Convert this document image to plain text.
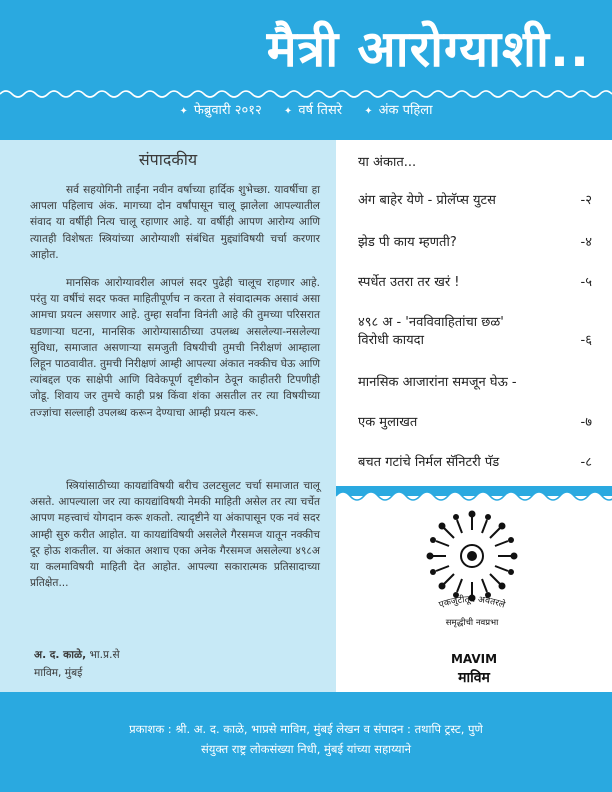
मैत्री आरोग्याशी..
✦ फेब्रुवारी २०१२ ✦ वर्ष तिसरे ✦ अंक पहिला
संपादकीय

सर्व सहयोगिनी ताईंना नवीन वर्षाच्या हार्दिक शुभेच्छा. यावर्षीचा हा आपला पहिलाच अंक. मागच्या दोन वर्षांपासून चालू झालेला आपल्यातील संवाद या वर्षीही नित्य चालू रहाणार आहे. या वर्षीही आपण आरोग्य आणि त्यातही विशेषतः स्त्रियांच्या आरोग्याशी संबंधित मुद्द्यांविषयी चर्चा करणार आहोत.

मानसिक आरोग्यावरील आपलं सदर पुढेही चालूच राहणार आहे. परंतु या वर्षीचं सदर फक्त माहितीपूर्णच न करता ते संवादात्मक असावं असा आमचा प्रयत्न असणार आहे. तुम्हा सर्वांना विनंती आहे की तुमच्या परिसरात घडणाऱ्या घटना, मानसिक आरोग्यासाठीच्या उपलब्ध असलेल्या-नसलेल्या सुविधा, समाजात असणाऱ्या समजुती विषयीची तुमची निरीक्षणं आम्हाला लिहून पाठवावीत. तुमची निरीक्षणं आम्ही आपल्या अंकात नक्कीच घेऊ आणि त्यांबद्दल एक साक्षेपी आणि विवेकपूर्ण दृष्टीकोन ठेवून काहीतरी टिपणीही जोडू. शिवाय जर तुमचे काही प्रश्न किंवा शंका असतील तर त्या विषयीच्या तज्ज्ञांचा सल्लाही उपलब्ध करून देण्याचा आम्ही प्रयत्न करू.

स्त्रियांसाठीच्या कायद्यांविषयी बरीच उलटसुलट चर्चा समाजात चालू असते. आपल्याला जर त्या कायद्यांविषयी नेमकी माहिती असेल तर त्या चर्चेत आपण महत्त्वाचं योगदान करू शकतो. त्यादृष्टीने या अंकापासून एक नवं सदर आम्ही सुरु करीत आहोत. या कायद्यांविषयी असलेले गैरसमज यातून नक्कीच दूर होऊ शकतील. या अंकात अशाच एका अनेक गैरसमज असलेल्या ४९८अ या कलमाविषयी माहिती देत आहोत. आपल्या सकारात्मक प्रतिसादाच्या प्रतिक्षेत...

अ. द. काळे, भा.प्र.से
माविम, मुंबई
या अंकात...
अंग बाहेर येणे - प्रोलॅप्स युटस	-२
झेड पी काय म्हणती?	-४
स्पर्धेत उतरा तर खरं !	-५
४९८ अ - 'नवविवाहितांचा छळ' विरोधी कायदा	-६
मानसिक आजारांना समजून घेऊ -
एक मुलाखत	-७
बचत गटांचे निर्मल सॅनिटरी पॅड	-८
एकजुटीतून अवतरले
समृद्धीची नवप्रभा
MAVIM
माविम
प्रकाशक : श्री. अ. द. काळे, भाप्रसे माविम, मुंबई लेखन व संपादन : तथापि ट्रस्ट, पुणे
संयुक्त राष्ट्र लोकसंख्या निधी, मुंबई यांच्या सहाय्याने
